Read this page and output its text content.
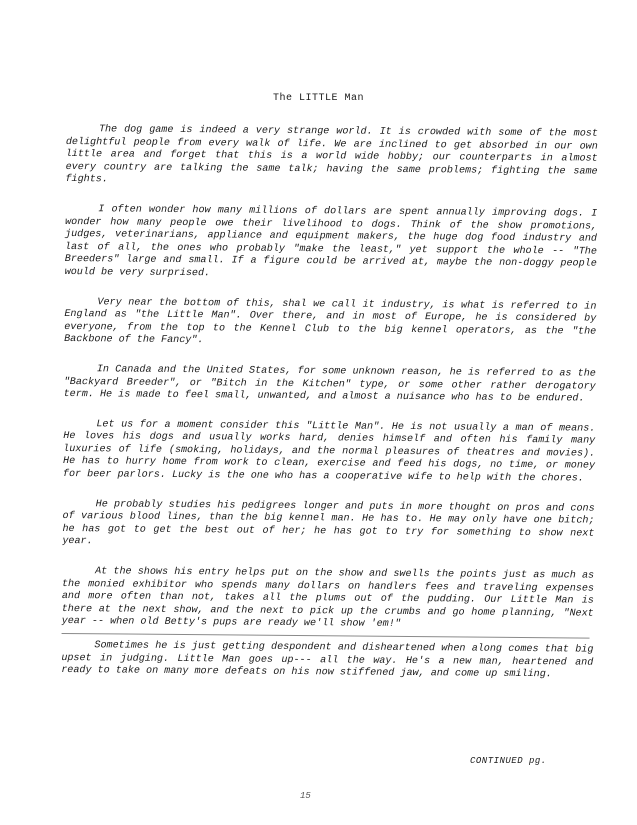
The LITTLE Man

The dog game is indeed a very strange world. It is crowded with some of the most delightful people from every walk of life. We are inclined to get absorbed in our own little area and forget that this is a world wide hobby; our counterparts in almost every country are talking the same talk; having the same problems; fighting the same fights.

I often wonder how many millions of dollars are spent annually improving dogs. I wonder how many people owe their livelihood to dogs. Think of the show promotions, judges, veterinarians, appliance and equipment makers, the huge dog food industry and last of all, the ones who probably "make the least," yet support the whole -- "The Breeders" large and small. If a figure could be arrived at, maybe the non-doggy people would be very surprised.

Very near the bottom of this, shal we call it industry, is what is referred to in England as "the Little Man". Over there, and in most of Europe, he is considered by everyone, from the top to the Kennel Club to the big kennel operators, as the "the Backbone of the Fancy".

In Canada and the United States, for some unknown reason, he is referred to as the "Backyard Breeder", or "Bitch in the Kitchen" type, or some other rather derogatory term. He is made to feel small, unwanted, and almost a nuisance who has to be endured.

Let us for a moment consider this "Little Man". He is not usually a man of means. He loves his dogs and usually works hard, denies himself and often his family many luxuries of life (smoking, holidays, and the normal pleasures of theatres and movies). He has to hurry home from work to clean, exercise and feed his dogs, no time, or money for beer parlors. Lucky is the one who has a cooperative wife to help with the chores.

He probably studies his pedigrees longer and puts in more thought on pros and cons of various blood lines, than the big kennel man. He has to. He may only have one bitch; he has got to get the best out of her; he has got to try for something to show next year.

At the shows his entry helps put on the show and swells the points just as much as the monied exhibitor who spends many dollars on handlers fees and traveling expenses and more often than not, takes all the plums out of the pudding. Our Little Man is there at the next show, and the next to pick up the crumbs and go home planning, "Next year -- when old Betty's pups are ready we'll show 'em!"

Sometimes he is just getting despondent and disheartened when along comes that big upset in judging. Little Man goes up--- all the way. He's a new man, heartened and ready to take on many more defeats on his now stiffened jaw, and come up smiling.

CONTINUED pg.
15
